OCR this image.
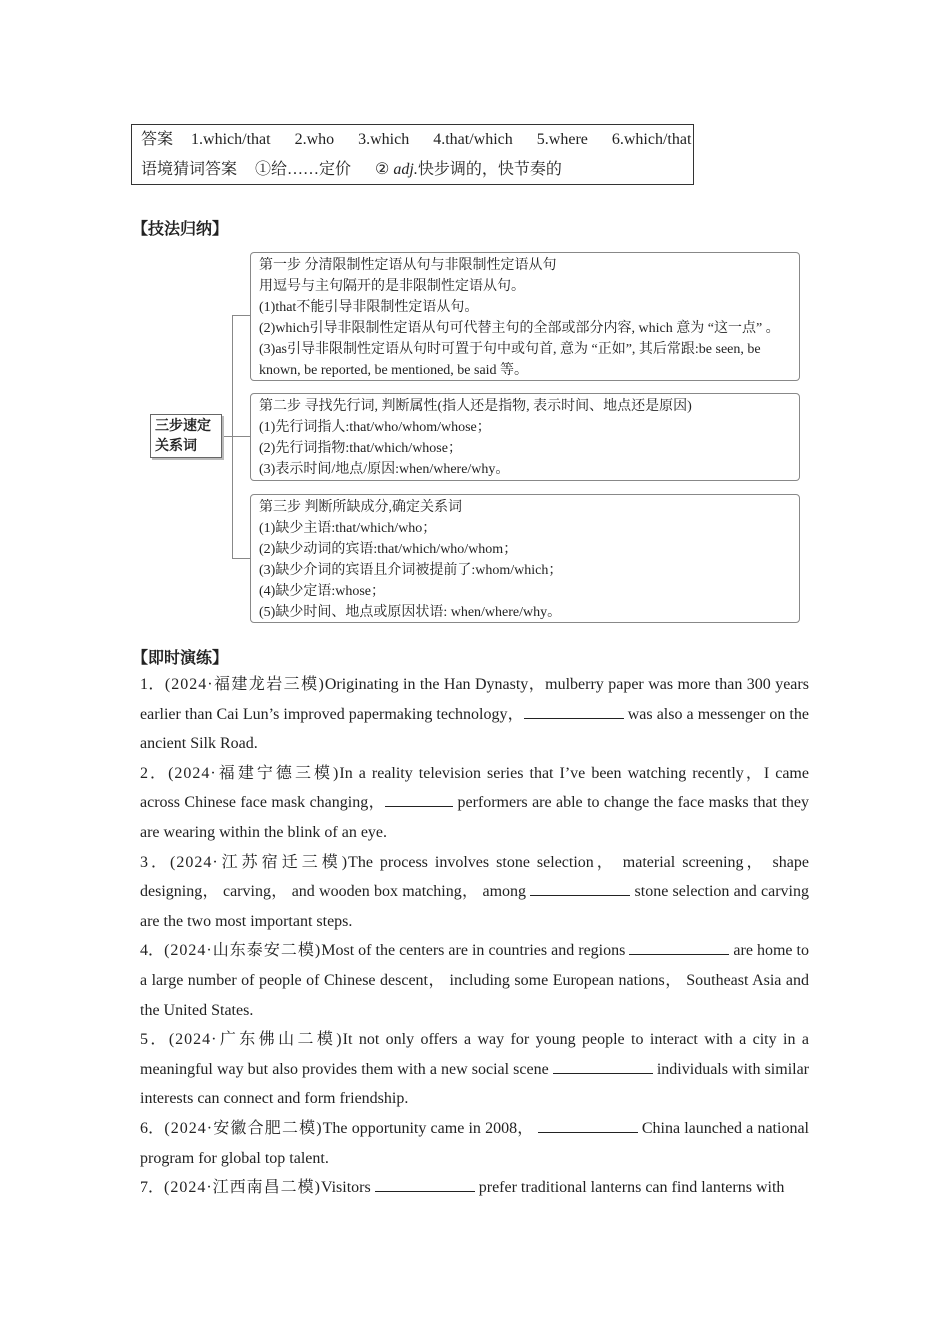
答案 1.which/that 2.who 3.which 4.that/which 5.where 6.which/that
语境猜词答案 ①给……定价 ② adj.快步调的，快节奏的
【技法归纳】
三步速定
关系词
第一步 分清限制性定语从句与非限制性定语从句
用逗号与主句隔开的是非限制性定语从句。
(1)that不能引导非限制性定语从句。
(2)which引导非限制性定语从句可代替主句的全部或部分内容, which 意为 “这一点” 。
(3)as引导非限制性定语从句时可置于句中或句首, 意为 “正如”, 其后常跟:be seen, be
known, be reported, be mentioned, be said 等。
第二步 寻找先行词, 判断属性(指人还是指物, 表示时间、地点还是原因)
(1)先行词指人:that/who/whom/whose；
(2)先行词指物:that/which/whose；
(3)表示时间/地点/原因:when/where/why。
第三步 判断所缺成分,确定关系词
(1)缺少主语:that/which/who；
(2)缺少动词的宾语:that/which/who/whom；
(3)缺少介词的宾语且介词被提前了:whom/which；
(4)缺少定语:whose；
(5)缺少时间、地点或原因状语: when/where/why。
【即时演练】

1．(2024·福建龙岩三模)Originating in the Han Dynasty，mulberry paper was more than 300 years earlier than Cai Lun’s improved papermaking technology，	was also a messenger on the ancient Silk Road.

2．(2024·福建宁德三模)In a reality television series that I’ve been watching recently，I came across Chinese face mask changing，	performers are able to change the face masks that they are wearing within the blink of an eye.

3．(2024·江苏宿迁三模)The process involves stone selection， material screening， shape designing， carving， and wooden box matching， among	stone selection and carving are the two most important steps.

4．(2024·山东泰安二模)Most of the centers are in countries and regions	are home to a large number of people of Chinese descent， including some European nations， Southeast Asia and the United States.

5．(2024·广东佛山二模)It not only offers a way for young people to interact with a city in a meaningful way but also provides them with a new social scene	individuals with similar interests can connect and form friendship.

6．(2024·安徽合肥二模)The opportunity came in 2008，	China launched a national program for global top talent.

7．(2024·江西南昌二模)Visitors	prefer traditional lanterns can find lanterns with
